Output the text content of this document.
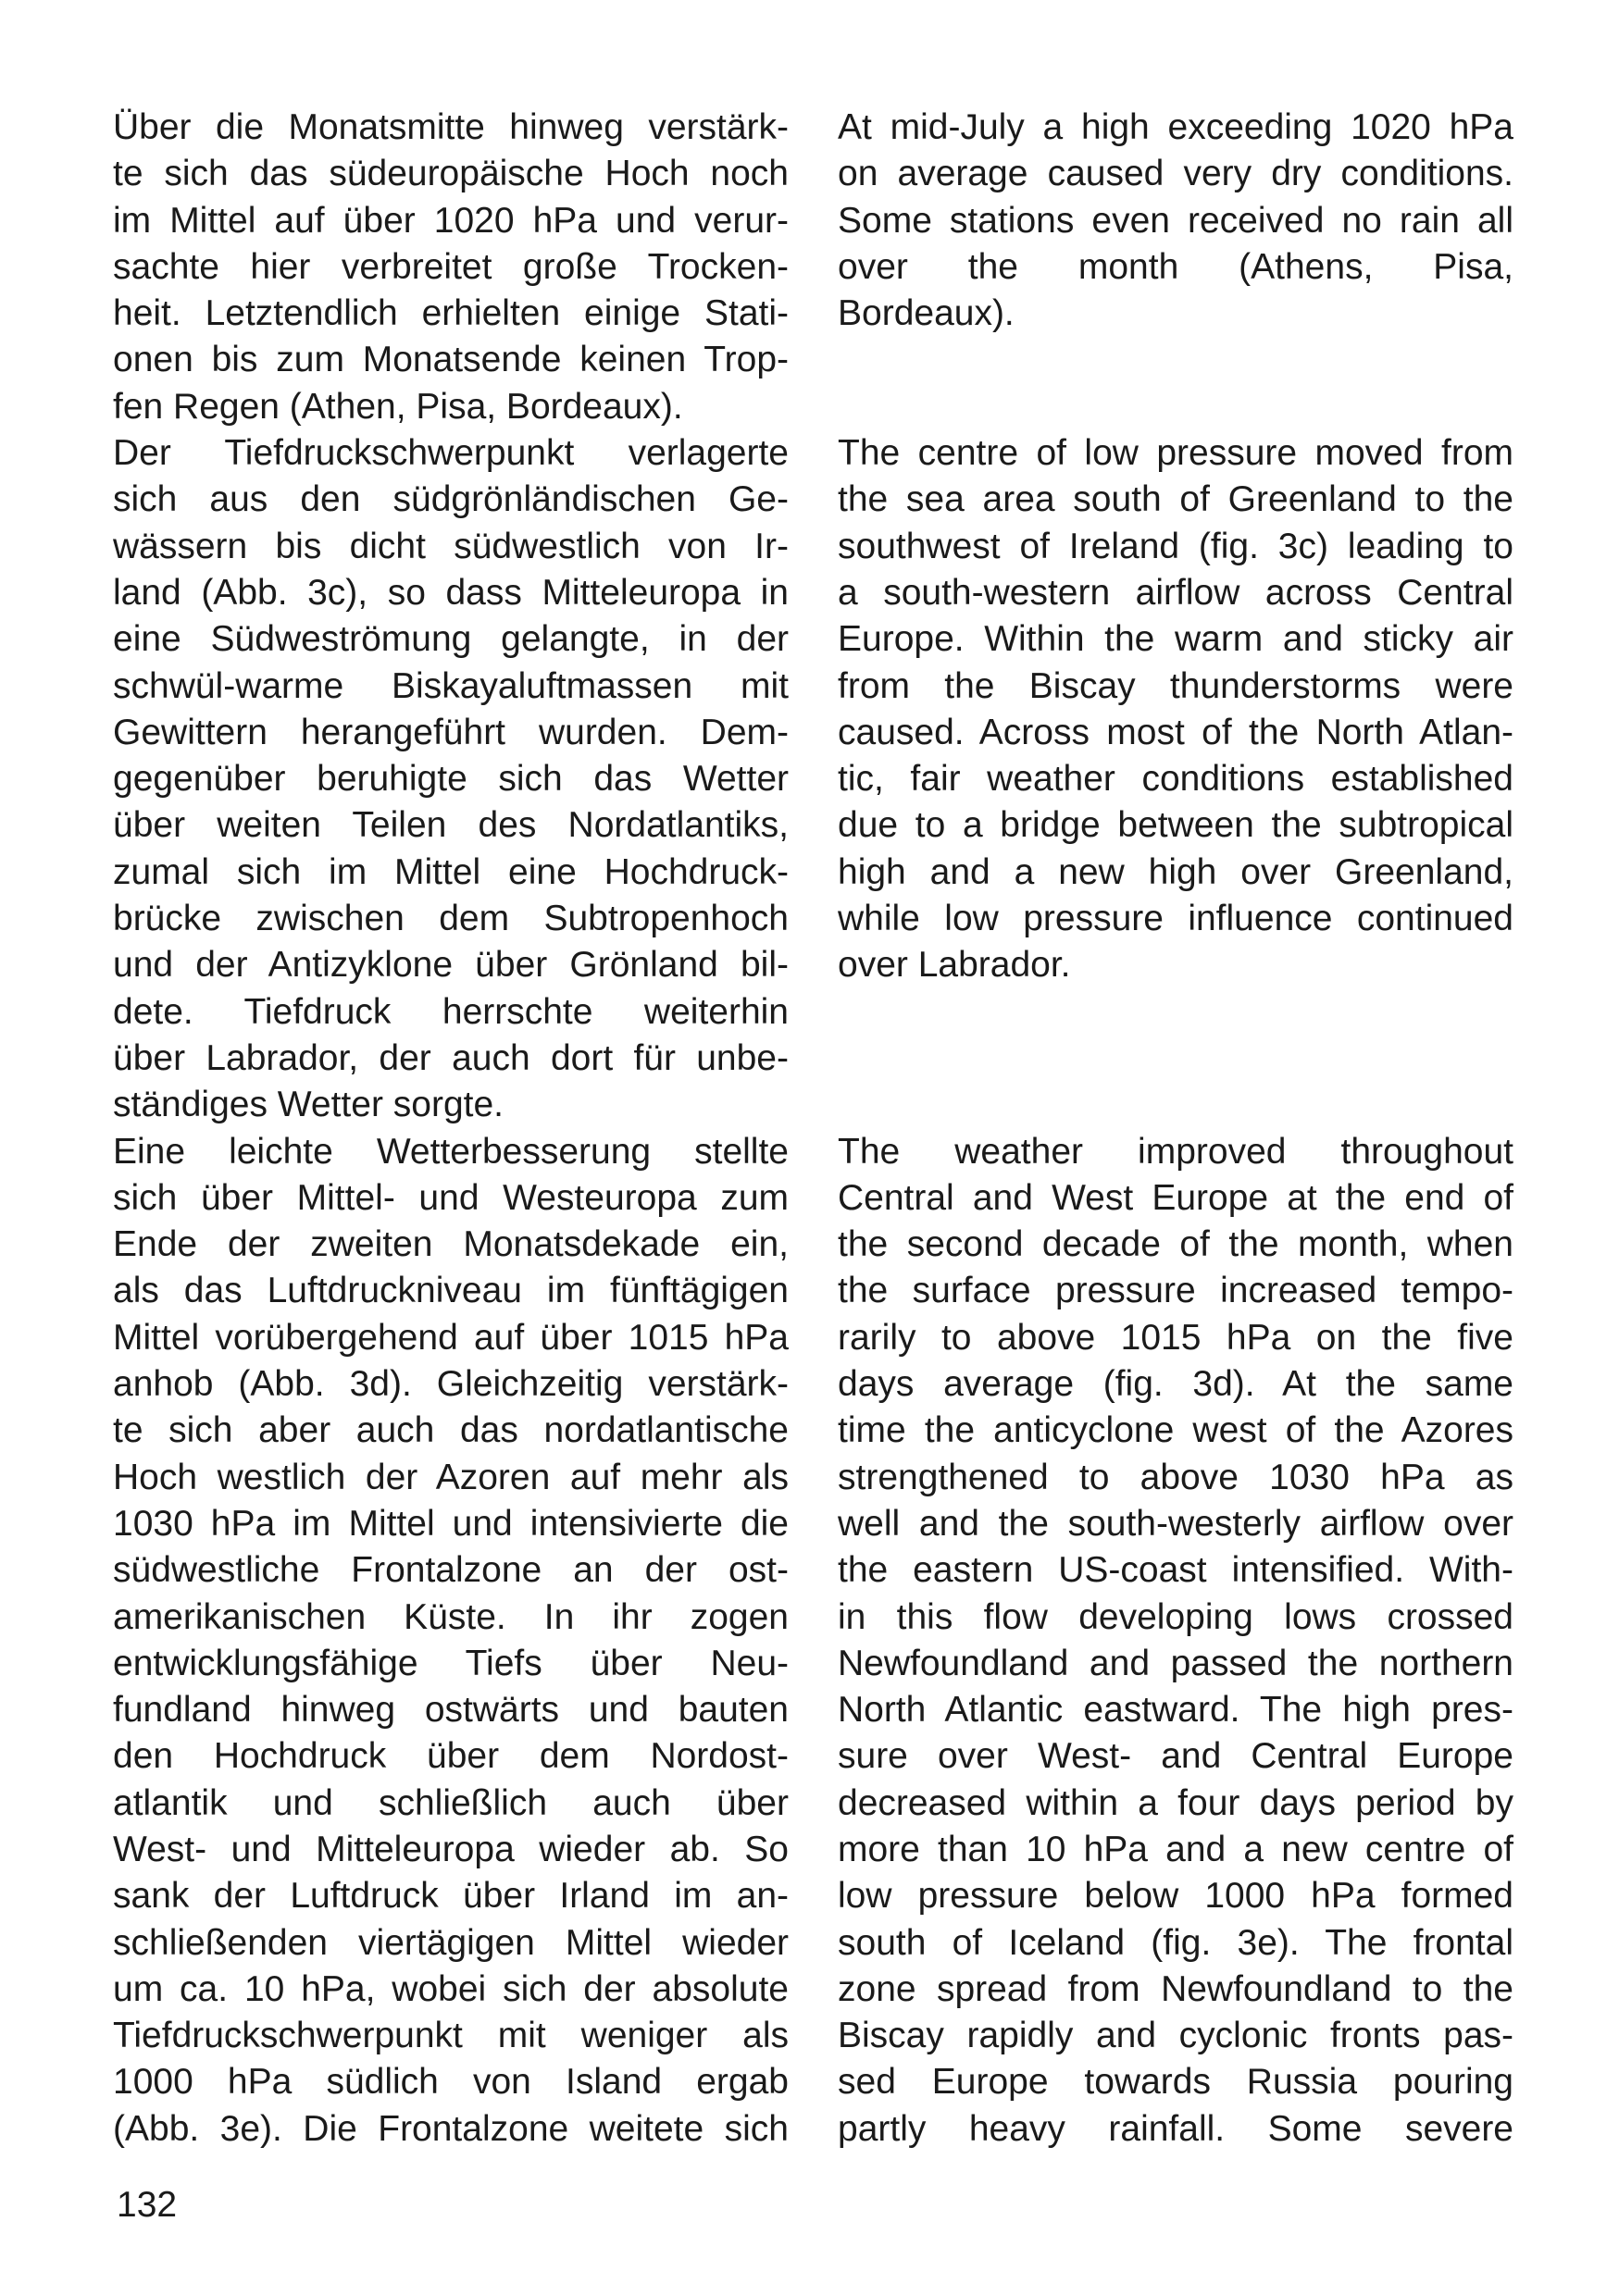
Über die Monatsmitte hinweg verstärk-
te sich das südeuropäische Hoch noch
im Mittel auf über 1020 hPa und verur-
sachte hier verbreitet große Trocken-
heit. Letztendlich erhielten einige Stati-
onen bis zum Monatsende keinen Trop-
fen Regen (Athen, Pisa, Bordeaux).
Der Tiefdruckschwerpunkt verlagerte
sich aus den südgrönländischen Ge-
wässern bis dicht südwestlich von Ir-
land (Abb. 3c), so dass Mitteleuropa in
eine Südweströmung gelangte, in der
schwül-warme Biskayaluftmassen mit
Gewittern herangeführt wurden. Dem-
gegenüber beruhigte sich das Wetter
über weiten Teilen des Nordatlantiks,
zumal sich im Mittel eine Hochdruck-
brücke zwischen dem Subtropenhoch
und der Antizyklone über Grönland bil-
dete. Tiefdruck herrschte weiterhin
über Labrador, der auch dort für unbe-
ständiges Wetter sorgte.
Eine leichte Wetterbesserung stellte
sich über Mittel- und Westeuropa zum
Ende der zweiten Monatsdekade ein,
als das Luftdruckniveau im fünftägigen
Mittel vorübergehend auf über 1015 hPa
anhob (Abb. 3d). Gleichzeitig verstärk-
te sich aber auch das nordatlantische
Hoch westlich der Azoren auf mehr als
1030 hPa im Mittel und intensivierte die
südwestliche Frontalzone an der ost-
amerikanischen Küste. In ihr zogen
entwicklungsfähige Tiefs über Neu-
fundland hinweg ostwärts und bauten
den Hochdruck über dem Nordost-
atlantik und schließlich auch über
West- und Mitteleuropa wieder ab. So
sank der Luftdruck über Irland im an-
schließenden viertägigen Mittel wieder
um ca. 10 hPa, wobei sich der absolute
Tiefdruckschwerpunkt mit weniger als
1000 hPa südlich von Island ergab
(Abb. 3e). Die Frontalzone weitete sich
At mid-July a high exceeding 1020 hPa
on average caused very dry conditions.
Some stations even received no rain all
over the month (Athens, Pisa,
Bordeaux).
The centre of low pressure moved from
the sea area south of Greenland to the
southwest of Ireland (fig. 3c) leading to
a south-western airflow across Central
Europe. Within the warm and sticky air
from the Biscay thunderstorms were
caused. Across most of the North Atlan-
tic, fair weather conditions established
due to a bridge between the subtropical
high and a new high over Greenland,
while low pressure influence continued
over Labrador.
The weather improved throughout
Central and West Europe at the end of
the second decade of the month, when
the surface pressure increased tempo-
rarily to above 1015 hPa on the five
days average (fig. 3d). At the same
time the anticyclone west of the Azores
strengthened to above 1030 hPa as
well and the south-westerly airflow over
the eastern US-coast intensified. With-
in this flow developing lows crossed
Newfoundland and passed the northern
North Atlantic eastward. The high pres-
sure over West- and Central Europe
decreased within a four days period by
more than 10 hPa and a new centre of
low pressure below 1000 hPa formed
south of Iceland (fig. 3e). The frontal
zone spread from Newfoundland to the
Biscay rapidly and cyclonic fronts pas-
sed Europe towards Russia pouring
partly heavy rainfall. Some severe
132
